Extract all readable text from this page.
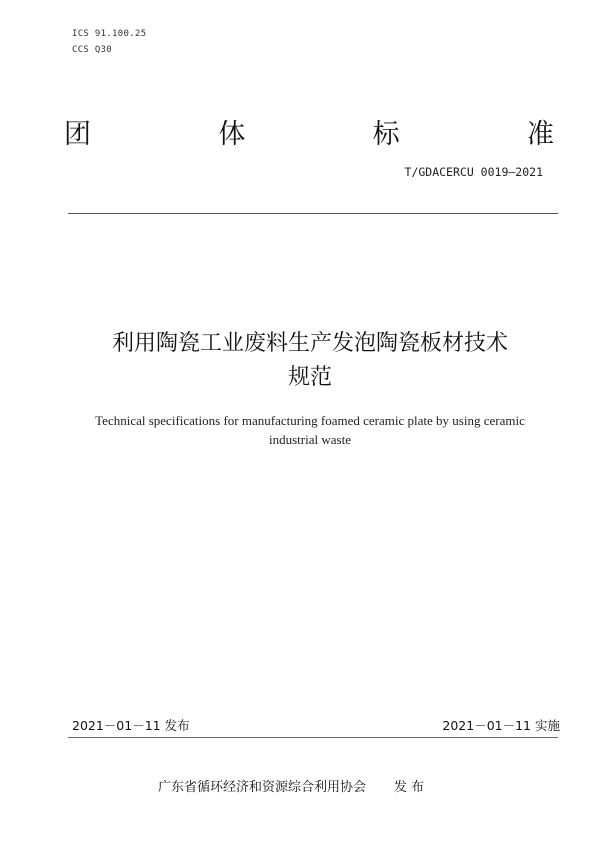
ICS 91.100.25
CCS Q30
团	体	标	准
T/GDACERCU 0019—2021
利用陶瓷工业废料生产发泡陶瓷板材技术
规范
Technical specifications for manufacturing foamed ceramic plate by using ceramic
industrial waste
2021－01－11 发布	2021－01－11 实施
广东省循环经济和资源综合利用协会 发 布
